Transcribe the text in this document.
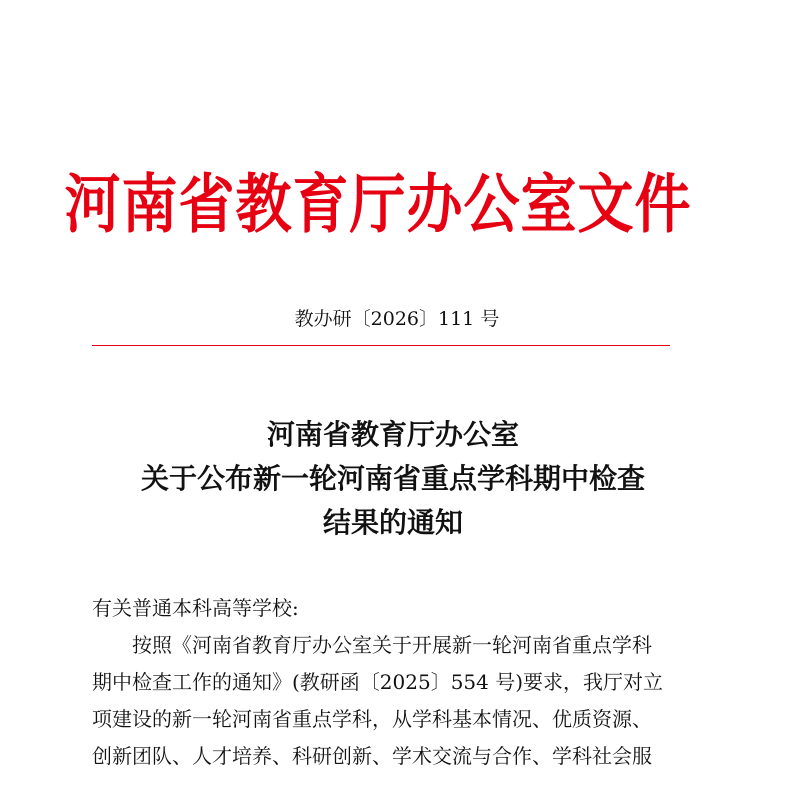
河南省教育厅办公室文件
教办研〔2026〕111 号
河南省教育厅办公室
关于公布新一轮河南省重点学科期中检查
结果的通知

有关普通本科高等学校:

按照《河南省教育厅办公室关于开展新一轮河南省重点学科

期中检查工作的通知》(教研函〔2025〕554 号)要求，我厅对立

项建设的新一轮河南省重点学科，从学科基本情况、优质资源、

创新团队、人才培养、科研创新、学术交流与合作、学科社会服
